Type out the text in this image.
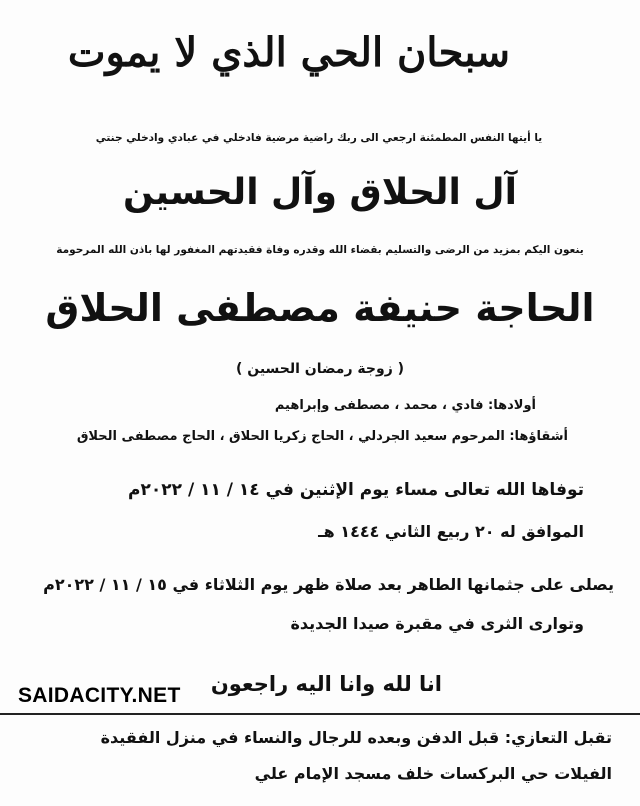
سبحان الحي الذي لا يموت
يا أيتها النفس المطمئنة ارجعي الى ربك راضية مرضية فادخلي في عبادي وادخلي جنتي
آل الحلاق وآل الحسين
ينعون اليكم بمزيد من الرضى والتسليم بقضاء الله وقدره وفاة فقيدتهم المغفور لها باذن الله المرحومة
الحاجة حنيفة مصطفى الحلاق
( زوجة رمضان الحسين )
أولادها: فادي ، محمد ، مصطفى وإبراهيم
أشقاؤها: المرحوم سعيد الجردلي ، الحاج زكريا الحلاق ، الحاج مصطفى الحلاق
توفاها الله تعالى مساء يوم الإثنين في ١٤ / ١١ / ٢٠٢٢م
الموافق له ٢٠ ربيع الثاني ١٤٤٤ هـ
يصلى على جثمانها الطاهر بعد صلاة ظهر يوم الثلاثاء في ١٥ / ١١ / ٢٠٢٢م
وتوارى الثرى في مقبرة صيدا الجديدة
انا لله وانا اليه راجعون
SAIDACITY.NET
تقبل التعازي: قبل الدفن وبعده للرجال والنساء في منزل الفقيدة
الفيلات حي البركسات خلف مسجد الإمام علي
